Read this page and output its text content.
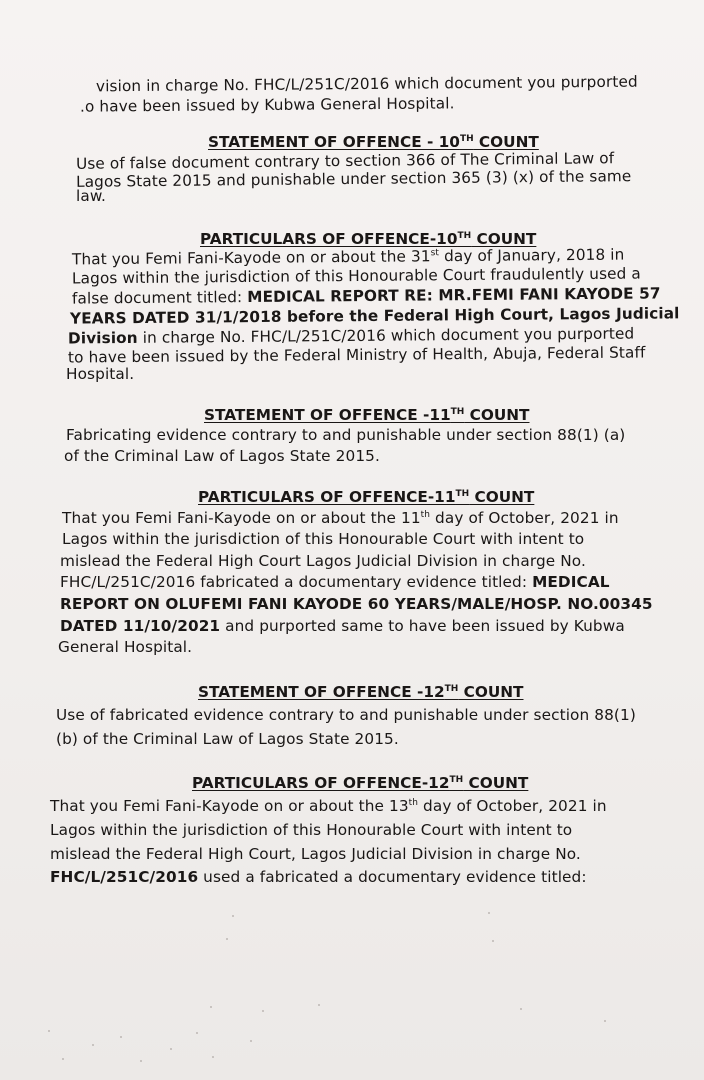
vision in charge No. FHC/L/251C/2016 which document you purported
.o have been issued by Kubwa General Hospital.
STATEMENT OF OFFENCE - 10TH COUNT
Use of false document contrary to section 366 of The Criminal Law of
Lagos State 2015 and punishable under section 365 (3) (x) of the same
law.
PARTICULARS OF OFFENCE-10TH COUNT
That you Femi Fani-Kayode on or about the 31st day of January, 2018 in
Lagos within the jurisdiction of this Honourable Court fraudulently used a
false document titled: MEDICAL REPORT RE: MR.FEMI FANI KAYODE 57
YEARS DATED 31/1/2018 before the Federal High Court, Lagos Judicial
Division in charge No. FHC/L/251C/2016 which document you purported
to have been issued by the Federal Ministry of Health, Abuja, Federal Staff
Hospital.
STATEMENT OF OFFENCE -11TH COUNT
Fabricating evidence contrary to and punishable under section 88(1) (a)
of the Criminal Law of Lagos State 2015.
PARTICULARS OF OFFENCE-11TH COUNT
That you Femi Fani-Kayode on or about the 11th day of October, 2021 in
Lagos within the jurisdiction of this Honourable Court with intent to
mislead the Federal High Court Lagos Judicial Division in charge No.
FHC/L/251C/2016 fabricated a documentary evidence titled: MEDICAL
REPORT ON OLUFEMI FANI KAYODE 60 YEARS/MALE/HOSP. NO.00345
DATED 11/10/2021 and purported same to have been issued by Kubwa
General Hospital.
STATEMENT OF OFFENCE -12TH COUNT
Use of fabricated evidence contrary to and punishable under section 88(1)
(b) of the Criminal Law of Lagos State 2015.
PARTICULARS OF OFFENCE-12TH COUNT
That you Femi Fani-Kayode on or about the 13th day of October, 2021 in
Lagos within the jurisdiction of this Honourable Court with intent to
mislead the Federal High Court, Lagos Judicial Division in charge No.
FHC/L/251C/2016 used a fabricated a documentary evidence titled:
